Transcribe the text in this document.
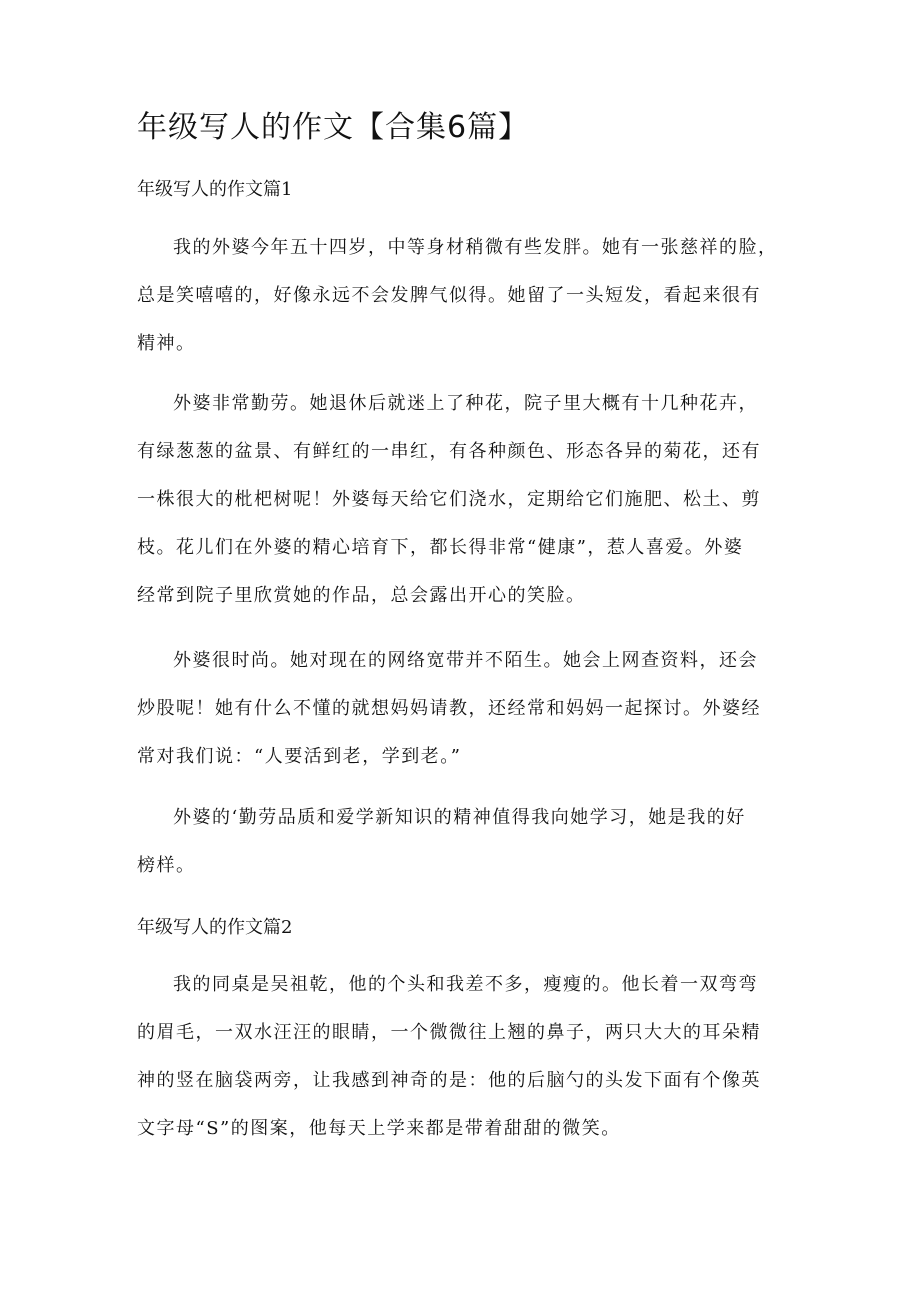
年级写人的作文【合集6篇】
年级写人的作文篇1

我的外婆今年五十四岁，中等身材稍微有些发胖。她有一张慈祥的脸，
总是笑嘻嘻的，好像永远不会发脾气似得。她留了一头短发，看起来很有
精神。

外婆非常勤劳。她退休后就迷上了种花，院子里大概有十几种花卉，
有绿葱葱的盆景、有鲜红的一串红，有各种颜色、形态各异的菊花，还有
一株很大的枇杷树呢！外婆每天给它们浇水，定期给它们施肥、松土、剪
枝。花儿们在外婆的精心培育下，都长得非常“健康”，惹人喜爱。外婆
经常到院子里欣赏她的作品，总会露出开心的笑脸。

外婆很时尚。她对现在的网络宽带并不陌生。她会上网查资料，还会
炒股呢！她有什么不懂的就想妈妈请教，还经常和妈妈一起探讨。外婆经
常对我们说：“人要活到老，学到老。”

外婆的‘勤劳品质和爱学新知识的精神值得我向她学习，她是我的好
榜样。

年级写人的作文篇2

我的同桌是吴祖乾，他的个头和我差不多，瘦瘦的。他长着一双弯弯
的眉毛，一双水汪汪的眼睛，一个微微往上翘的鼻子，两只大大的耳朵精
神的竖在脑袋两旁，让我感到神奇的是：他的后脑勺的头发下面有个像英
文字母“S”的图案，他每天上学来都是带着甜甜的微笑。
